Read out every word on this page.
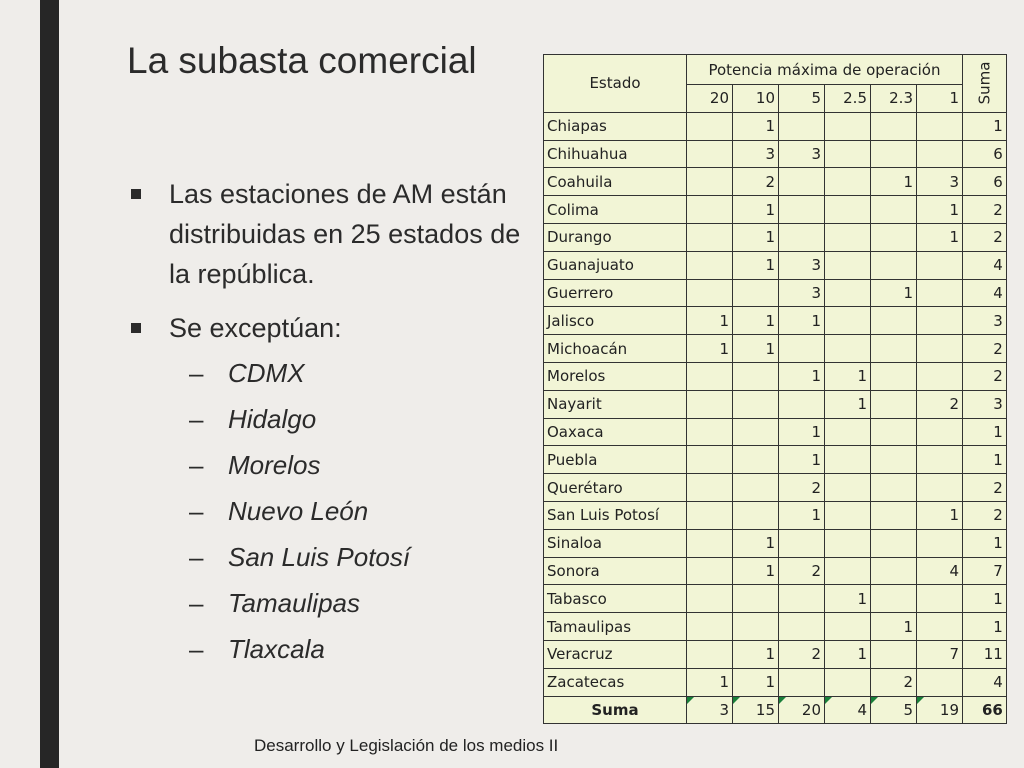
La subasta comercial
Las estaciones de AM están distribuidas en 25 estados de la república.
Se exceptúan:
– CDMX
– Hidalgo
– Morelos
– Nuevo León
– San Luis Potosí
– Tamaulipas
– Tlaxcala
Estado	Potencia máxima de operación						Suma
	20	10	5	2.5	2.3	1	
Chiapas		1					1
Chihuahua		3	3				6
Coahuila		2			1	3	6
Colima		1				1	2
Durango		1				1	2
Guanajuato		1	3				4
Guerrero			3		1		4
Jalisco	1	1	1				3
Michoacán	1	1					2
Morelos			1	1			2
Nayarit				1		2	3
Oaxaca			1				1
Puebla			1				1
Querétaro			2				2
San Luis Potosí			1			1	2
Sinaloa		1					1
Sonora		1	2			4	7
Tabasco				1			1
Tamaulipas					1		1
Veracruz		1	2	1		7	11
Zacatecas	1	1			2		4
Suma	3	15	20	4	5	19	66
Desarrollo y Legislación de los medios II
